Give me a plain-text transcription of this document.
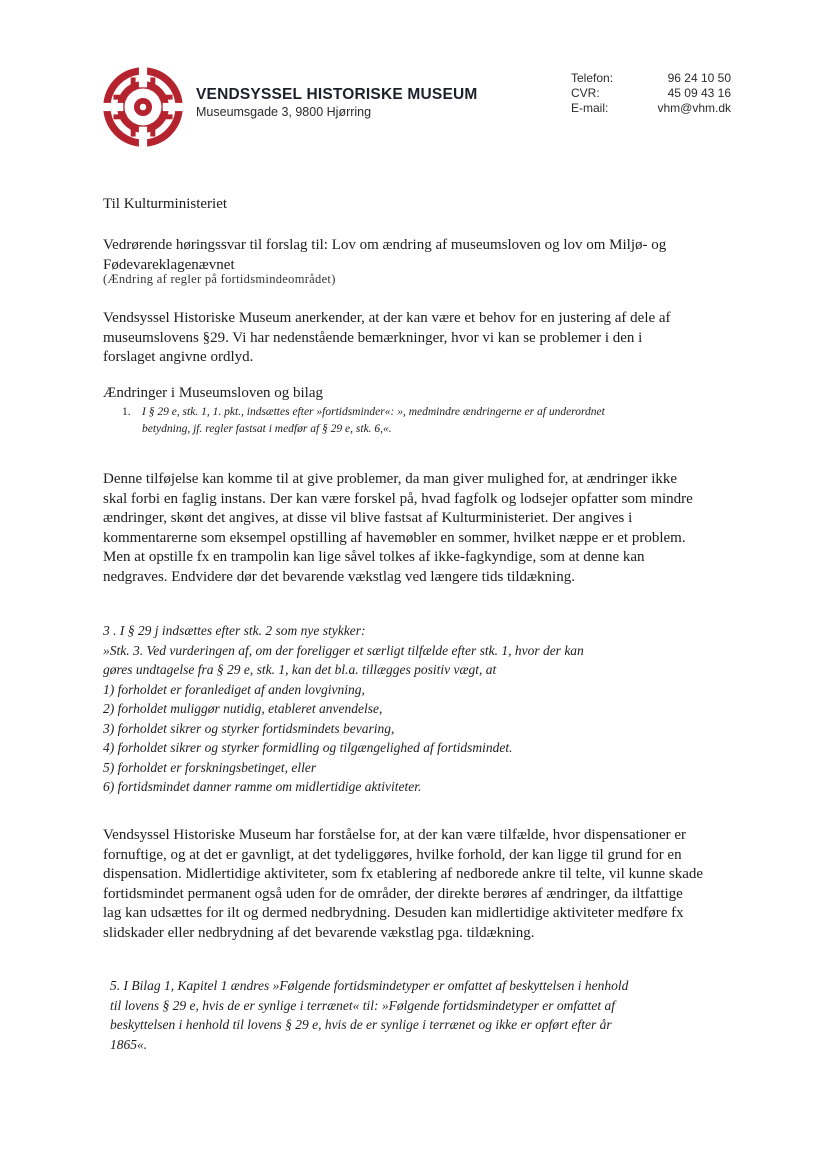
VENDSYSSEL HISTORISKE MUSEUM
Museumsgade 3, 9800 Hjørring
Telefon:	96 24 10 50
CVR:	45 09 43 16
E-mail:	vhm@vhm.dk
Til Kulturministeriet
Vedrørende høringssvar til forslag til: Lov om ændring af museumsloven og lov om Miljø- og
Fødevareklagenævnet
(Ændring af regler på fortidsmindeområdet)
Vendsyssel Historiske Museum anerkender, at der kan være et behov for en justering af dele af
museumslovens §29. Vi har nedenstående bemærkninger, hvor vi kan se problemer i den i
forslaget angivne ordlyd.
Ændringer i Museumsloven og bilag
1. I § 29 e, stk. 1, 1. pkt., indsættes efter »fortidsminder«: », medmindre ændringerne er af underordnet
betydning, jf. regler fastsat i medfør af § 29 e, stk. 6,«.
Denne tilføjelse kan komme til at give problemer, da man giver mulighed for, at ændringer ikke
skal forbi en faglig instans. Der kan være forskel på, hvad fagfolk og lodsejer opfatter som mindre
ændringer, skønt det angives, at disse vil blive fastsat af Kulturministeriet. Der angives i
kommentarerne som eksempel opstilling af havemøbler en sommer, hvilket næppe er et problem.
Men at opstille fx en trampolin kan lige såvel tolkes af ikke-fagkyndige, som at denne kan
nedgraves. Endvidere dør det bevarende vækstlag ved længere tids tildækning.
3 . I § 29 j indsættes efter stk. 2 som nye stykker:
»Stk. 3. Ved vurderingen af, om der foreligger et særligt tilfælde efter stk. 1, hvor der kan
gøres undtagelse fra § 29 e, stk. 1, kan det bl.a. tillægges positiv vægt, at
1) forholdet er foranlediget af anden lovgivning,
2) forholdet muliggør nutidig, etableret anvendelse,
3) forholdet sikrer og styrker fortidsmindets bevaring,
4) forholdet sikrer og styrker formidling og tilgængelighed af fortidsmindet.
5) forholdet er forskningsbetinget, eller
6) fortidsmindet danner ramme om midlertidige aktiviteter.
Vendsyssel Historiske Museum har forståelse for, at der kan være tilfælde, hvor dispensationer er
fornuftige, og at det er gavnligt, at det tydeliggøres, hvilke forhold, der kan ligge til grund for en
dispensation. Midlertidige aktiviteter, som fx etablering af nedborede ankre til telte, vil kunne skade
fortidsmindet permanent også uden for de områder, der direkte berøres af ændringer, da iltfattige
lag kan udsættes for ilt og dermed nedbrydning. Desuden kan midlertidige aktiviteter medføre fx
slidskader eller nedbrydning af det bevarende vækstlag pga. tildækning.
5. I Bilag 1, Kapitel 1 ændres »Følgende fortidsmindetyper er omfattet af beskyttelsen i henhold
til lovens § 29 e, hvis de er synlige i terrænet« til: »Følgende fortidsmindetyper er omfattet af
beskyttelsen i henhold til lovens § 29 e, hvis de er synlige i terrænet og ikke er opført efter år
1865«.
